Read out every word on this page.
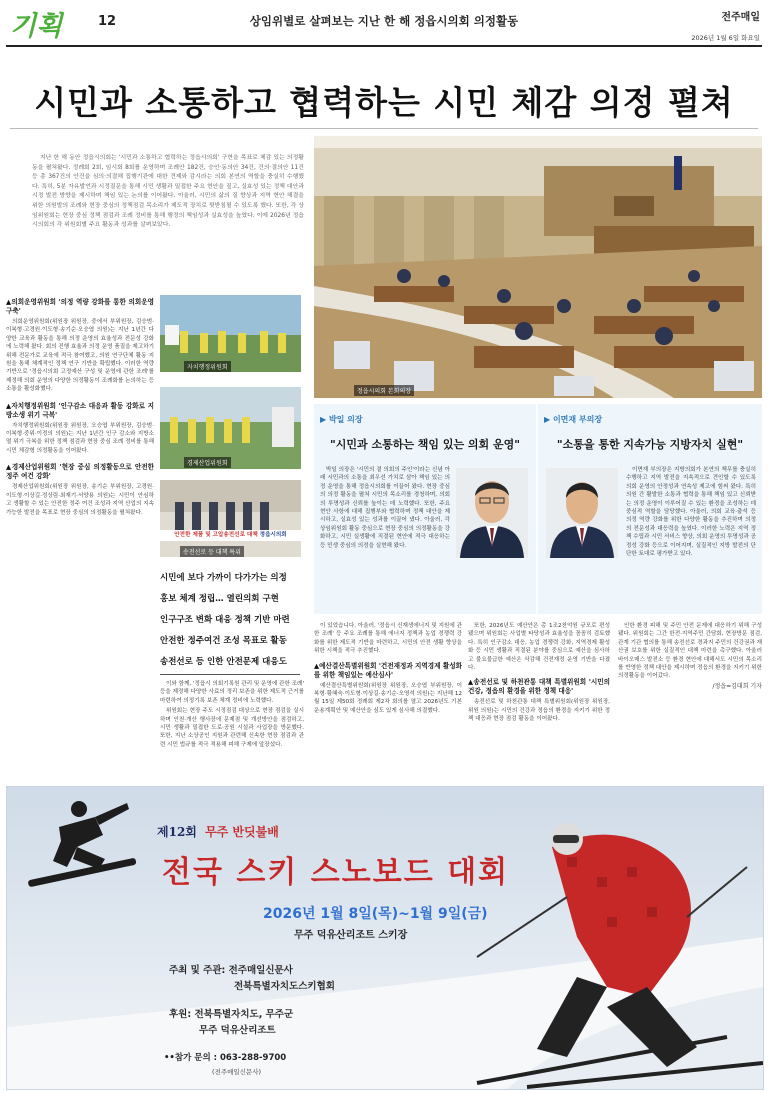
기획	12	상임위별로 살펴보는 지난 한 해 정읍시의회 의정활동	전주매일
2026년 1월 6일 화요일
시민과 소통하고 협력하는 시민 체감 의정 펼쳐

지난 한 해 동안 정읍시의회는 '시민과 소통하고 협력하는 정읍시의회' 구현을 목표로 체감 있는 의정활동을 펼쳐왔다. 정례회 2회, 임시회 8회를 운영하며 조례안 182건, 승인·동의안 34건, 건의·결의안 11건 등 총 367건의 안건을 심의·의결해 집행기관에 대한 견제와 감시라는 의회 본연의 역할을 충실히 수행했다. 특히, 5분 자유발언과 시정질문을 통해 시민 생활과 밀접한 주요 현안을 짚고, 실효성 있는 정책 대안과 시정 발전 방향을 제시하며 책임 있는 논의를 이어왔다. 이울러, 시민의 삶의 질 향상과 지역 현안 해결을 위한 의원발의 조례와 현장 중심의 정책점검 목소리가 제도적 장치로 뒷받침될 수 있도록 했다. 또한, 각 상임위원회는 현장 중심 정책 점검과 조례 정비를 통해 행정의 책임성과 실효성을 높였다. 이에 2026년 정읍시의회의 각 위원회별 주요 활동과 성과를 살펴보았다.

정읍시의회 본회의장
▲의회운영위원회 '의정 역량 강화를 통한 의회운영 구축'

의회운영위원회(위원장 위원장, 중에서 부위원장, 김승범·이복형·고경원·이도형·송기순·오승엽 의원)는 지난 1년간 다양한 교육과 활동을 통해 의정 운영의 효율성과 전문성 강화에 노력해 왔다. 회의 진행 효율과 의정 운영 품질을 제고하기 위해 전문가로 교육에 적극 참여했고, 의원 연구단체 활동 지원을 통해 체계적인 정책 연구 기반을 확립했다. 이러한 역량 기반으로 '정읍시의회 고정예산 구성 및 운영에 관한 조례'를 제정해 의회 운영의 다양한 의정활동이 조례화를 논의하는 등 소통을 활성화했다.

▲자치행정위원회 '인구감소 대응과 활동 강화로 지방소생 위기 극복'

자치행정위원회(위원장 위원장, 오승엽 부위원장, 김승범·이복형·중위·이정의 의원)는 지난 1년간 인구 감소와 지방소멸 위기 극복을 위한 정책 점검과 현장 중심 조례 정비를 통해 시민 체감형 의정활동을 이어왔다.

▲경제산업위원회 '현장 중심 의정활동으로 안전한 정주 여건 강화'

경제산업위원회(위원장 위원장, 송기순 부위원장, 고경원·이도형·이상길·정상림·최재기·서양용 의원)는 시민이 안심하고 생활할 수 있는 안전한 정주 여건 조성과 지역 산업의 지속 가능한 발전을 목표로 현장 중심의 의정활동을 펼쳐왔다.

자치행정위원회
경제산업위원회
안전한 제품 및 고압송전선로 대책 정읍시의회
송전선로 등 대책 특위
시민에 보다 가까이 다가가는 의정
홍보 체계 정립… 열린의회 구현
인구구조 변화 대응 정책 기반 마련
안전한 정주여건 조성 목표로 활동
송전선로 등 인한 안전문제 대응도
▶ 박일 의장
"시민과 소통하는 책임 있는 의회 운영"

박일 의장은 '시민의 곁 의회의 주인'이라는 신념 아래 시민과의 소통을 최우선 가치로 삼아 책임 있는 의정 운영을 통해 정읍시의회를 이끌어 왔다. 현장 중심의 의정 활동을 펼쳐 시민의 목소리를 경청하며, 의회의 투명성과 신뢰를 높이는 데 노력했다. 또한, 주요 현안 사항에 대해 집행부와 협력하며 정책 대안을 제시하고, 실효성 있는 성과를 이끌어 냈다. 아울러, 각 상임위원회 활동 중심으로 현장 중심의 의정활동을 강화하고, 시민 실생활에 직결된 현안에 적극 대응하는 등 민생 중심의 의정을 실현해 왔다.

▶ 이면재 부의장
"소통을 통한 지속가능 지방자치 실현"

이면재 부의장은 지방의회가 본연의 책무를 충실히 수행하고 지역 발전을 지속적으로 견인할 수 있도록 의회 운영의 안정성과 연속성 제고에 힘써 왔다. 특히 의원 간 활발한 소통과 협력을 통해 책임 있고 신뢰받는 의정 운영이 이루어질 수 있는 환경을 조성하는 데 중심적 역할을 담당했다. 아울러, 의회 교육·출석 등 의정 역량 강화를 위한 다양한 활동을 추진하며 의정의 전문성과 대응력을 높였다. 이러한 노력은 지역 정책 수립과 시민 서비스 향상, 의회 운영의 투명성과 공정성 강화 등으로 이어지며, 실질적인 지방 발전의 단단한 토대로 평가받고 있다.

이와 함께, '정읍시 의회기록원 관리 및 운영에 관한 조례' 등을 제정해 다양한 사료의 정리 보존을 위한 제도적 근거를 마련하여 의정기록 보존 체계 정비에 노력했다.

위원회는 현장 주도 시정점검 대상으로 현장 점검을 실시하며 인천·개산 행사장에 문제점 및 개선방안을 점검하고, 시민 생활과 밀접한 도로·공원 시설과 사업장을 방문했다. 또한, 지난 소상공인 지원과 관련해 신속한 현장 점검과 관련 시민 법규를 적극 적용해 피해 구제에 앞장섰다.

이 있었습니다. 아울러, '정읍시 신재생에너지 및 지원에 관한 조례' 등 주요 조례를 통해 에너지 정책과 농업 경쟁력 강화를 위한 제도적 기반을 마련하고, 시민의 안전 생활 향상을 위한 시책을 적극 추진했다.

▲예산결산특별위원회 '건전재정과 지역경제 활성화를 위한 책임있는 예산심사'

예산결산특별위원회(위원장 위원장, 오승엽 부위원장, 이복형·황혜숙·이도형·이상길·송기순·오영석 의원)는 지난해 12월 15일 제50회 정례회 제2차 회의를 열고 2026년도 기본 운용계획안 및 예산안을 심도 있게 심사해 의결했다.

또한, 2026년도 예산안은 총 1조2천억원 규모로 편성됐으며 위원회는 사업별 타당성과 효율성을 꼼꼼히 검토했다. 특히 인구감소 대응, 농업 경쟁력 강화, 지역경제 활성화 등 시민 생활과 직결된 분야를 중심으로 예산을 심사하고 불요불급한 예산은 삭감해 건전재정 운영 기반을 다졌다.

▲송전선로 및 하천관통 대책 특별위원회 '시민의 건강, 정읍의 환경을 위한 정책 대응'

송전선로 및 하천관통 대책 특별위원회(위원장 위원장, 위원 의원)는 시민의 건강과 정읍의 환경을 지키기 위한 정책 대응과 현장 점검 활동을 이어왔다.

인한 환경 피해 및 주민 안전 문제에 대응하기 위해 구성됐다. 위원회는 그간 한전·지역주민 간담회, 현장방문 점검, 관계 기관 협의를 통해 송전선로 경과지 주민의 건강권과 재산권 보호를 위한 실질적인 대책 마련을 촉구했다. 아울러 바이오매스 발전소 등 환경 현안에 대해서도 시민의 목소리를 반영한 정책 대안을 제시하며 정읍의 환경을 지키기 위한 의정활동을 이어갔다.

/정읍=김대희 기자
제12회 무주 반딧불배
전국 스키 스노보드 대회
2026년 1월 8일(목)~1월 9일(금)
무주 덕유산리조트 스키장
주최 및 주관: 전주매일신문사
전북특별자치도스키협회
후원: 전북특별자치도, 무주군
무주 덕유산리조트
••참가 문의 : 063-288-9700
(전주매일신문사)
